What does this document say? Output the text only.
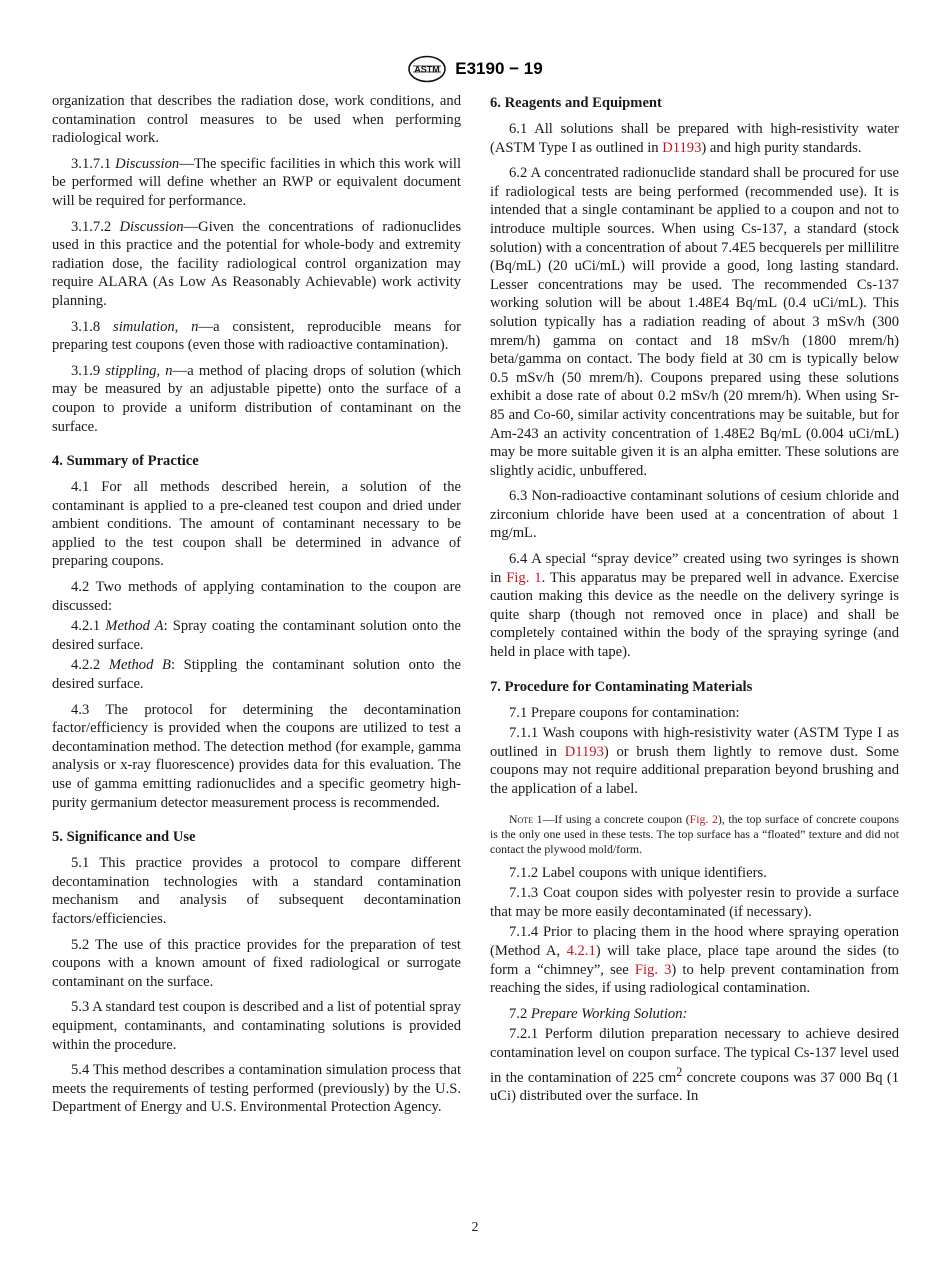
ASTM E3190 − 19

organization that describes the radiation dose, work conditions, and contamination control measures to be used when performing radiological work.

3.1.7.1 Discussion—The specific facilities in which this work will be performed will define whether an RWP or equivalent document will be required for performance.

3.1.7.2 Discussion—Given the concentrations of radionuclides used in this practice and the potential for whole-body and extremity radiation dose, the facility radiological control organization may require ALARA (As Low As Reasonably Achievable) work activity planning.

3.1.8 simulation, n—a consistent, reproducible means for preparing test coupons (even those with radioactive contamination).

3.1.9 stippling, n—a method of placing drops of solution (which may be measured by an adjustable pipette) onto the surface of a coupon to provide a uniform distribution of contaminant on the surface.

4. Summary of Practice

4.1 For all methods described herein, a solution of the contaminant is applied to a pre-cleaned test coupon and dried under ambient conditions. The amount of contaminant necessary to be applied to the test coupon shall be determined in advance of preparing coupons.

4.2 Two methods of applying contamination to the coupon are discussed:

4.2.1 Method A: Spray coating the contaminant solution onto the desired surface.

4.2.2 Method B: Stippling the contaminant solution onto the desired surface.

4.3 The protocol for determining the decontamination factor/efficiency is provided when the coupons are utilized to test a decontamination method. The detection method (for example, gamma analysis or x-ray fluorescence) provides data for this evaluation. The use of gamma emitting radionuclides and a specific geometry high-purity germanium detector measurement process is recommended.

5. Significance and Use

5.1 This practice provides a protocol to compare different decontamination technologies with a standard contamination mechanism and analysis of subsequent decontamination factors/efficiencies.

5.2 The use of this practice provides for the preparation of test coupons with a known amount of fixed radiological or surrogate contaminant on the surface.

5.3 A standard test coupon is described and a list of potential spray equipment, contaminants, and contaminating solutions is provided within the procedure.

5.4 This method describes a contamination simulation process that meets the requirements of testing performed (previously) by the U.S. Department of Energy and U.S. Environmental Protection Agency.

6. Reagents and Equipment

6.1 All solutions shall be prepared with high-resistivity water (ASTM Type I as outlined in D1193) and high purity standards.

6.2 A concentrated radionuclide standard shall be procured for use if radiological tests are being performed (recommended use). It is intended that a single contaminant be applied to a coupon and not to introduce multiple sources. When using Cs-137, a standard (stock solution) with a concentration of about 7.4E5 becquerels per millilitre (Bq/mL) (20 uCi/mL) will provide a good, long lasting standard. Lesser concentrations may be used. The recommended Cs-137 working solution will be about 1.48E4 Bq/mL (0.4 uCi/mL). This solution typically has a radiation reading of about 3 mSv/h (300 mrem/h) gamma on contact and 18 mSv/h (1800 mrem/h) beta/gamma on contact. The body field at 30 cm is typically below 0.5 mSv/h (50 mrem/h). Coupons prepared using these solutions exhibit a dose rate of about 0.2 mSv/h (20 mrem/h). When using Sr-85 and Co-60, similar activity concentrations may be suitable, but for Am-243 an activity concentration of 1.48E2 Bq/mL (0.004 uCi/mL) may be more suitable given it is an alpha emitter. These solutions are slightly acidic, unbuffered.

6.3 Non-radioactive contaminant solutions of cesium chloride and zirconium chloride have been used at a concentration of about 1 mg/mL.

6.4 A special “spray device” created using two syringes is shown in Fig. 1. This apparatus may be prepared well in advance. Exercise caution making this device as the needle on the delivery syringe is quite sharp (though not removed once in place) and shall be completely contained within the body of the spraying syringe (and held in place with tape).

7. Procedure for Contaminating Materials

7.1 Prepare coupons for contamination:

7.1.1 Wash coupons with high-resistivity water (ASTM Type I as outlined in D1193) or brush them lightly to remove dust. Some coupons may not require additional preparation beyond brushing and the application of a label.

Note 1—If using a concrete coupon (Fig. 2), the top surface of concrete coupons is the only one used in these tests. The top surface has a “floated” texture and did not contact the plywood mold/form.

7.1.2 Label coupons with unique identifiers.

7.1.3 Coat coupon sides with polyester resin to provide a surface that may be more easily decontaminated (if necessary).

7.1.4 Prior to placing them in the hood where spraying operation (Method A, 4.2.1) will take place, place tape around the sides (to form a “chimney”, see Fig. 3) to help prevent contamination from reaching the sides, if using radiological contamination.

7.2 Prepare Working Solution:

7.2.1 Perform dilution preparation necessary to achieve desired contamination level on coupon surface. The typical Cs-137 level used in the contamination of 225 $cm^2$ concrete coupons was 37 000 Bq (1 uCi) distributed over the surface. In

2
